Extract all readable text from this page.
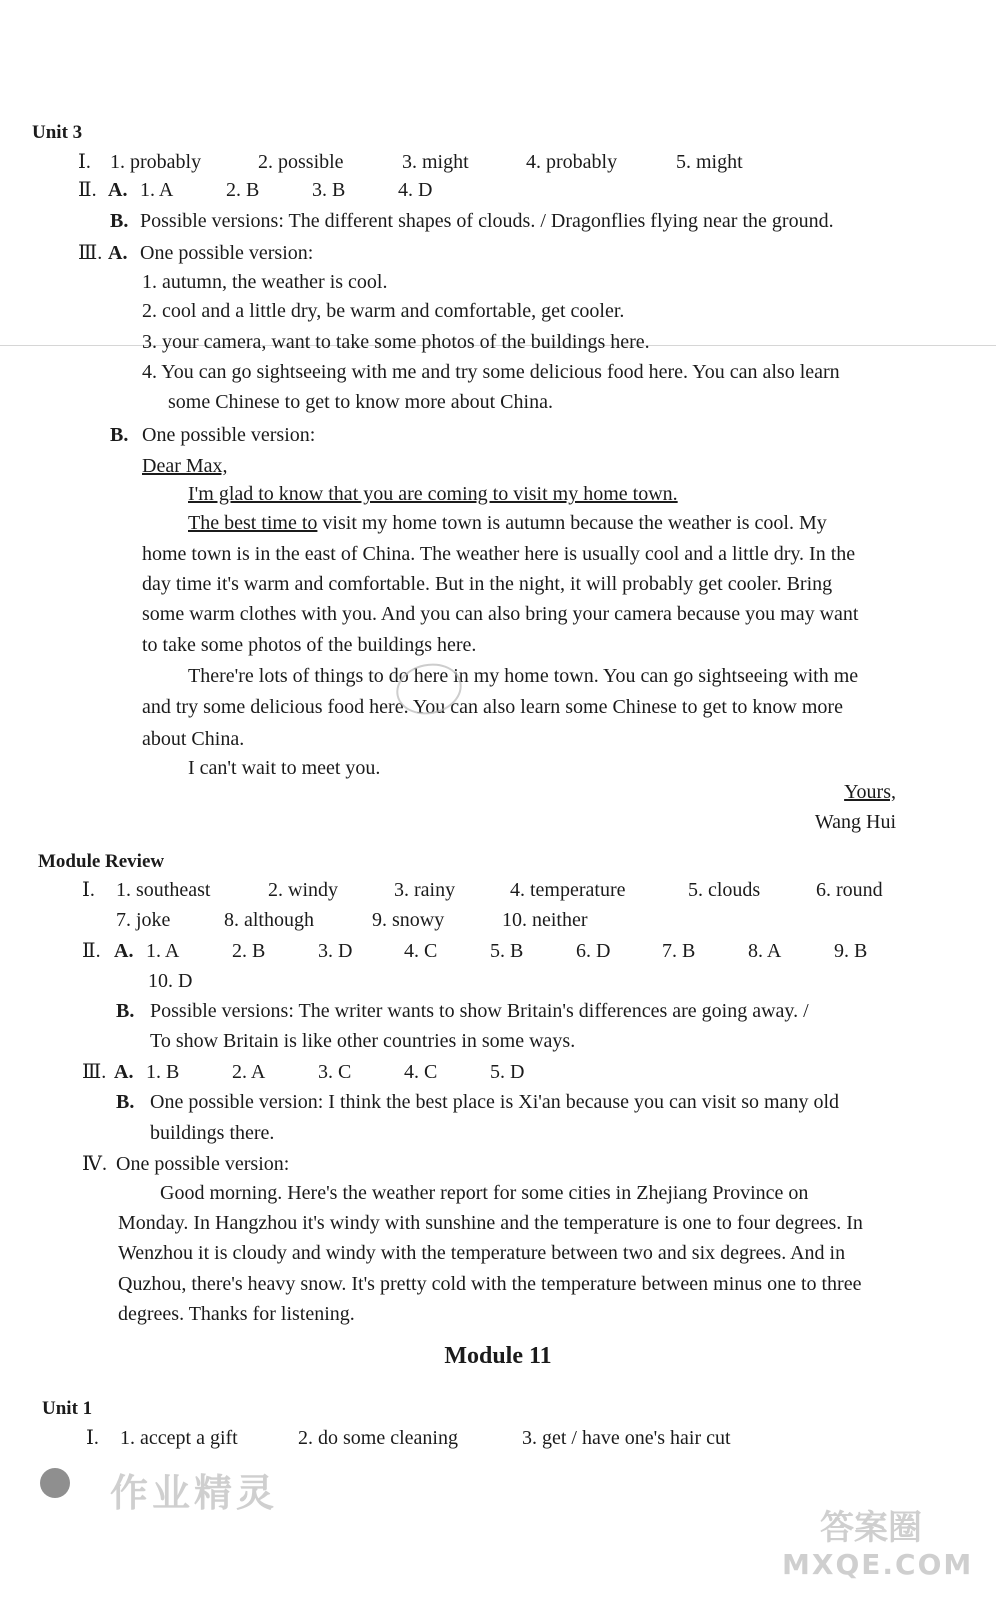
Unit 3
Ⅰ. 1. probably	2. possible	3. might	4. probably	5. might
Ⅱ. A. 1. A	2. B	3. B	4. D
B. Possible versions: The different shapes of clouds. / Dragonflies flying near the ground.
Ⅲ. A. One possible version:
1. autumn, the weather is cool.
2. cool and a little dry, be warm and comfortable, get cooler.
3. your camera, want to take some photos of the buildings here.
4. You can go sightseeing with me and try some delicious food here. You can also learn
some Chinese to get to know more about China.
B. One possible version:
Dear Max,
I'm glad to know that you are coming to visit my home town.
The best time to visit my home town is autumn because the weather is cool. My
home town is in the east of China. The weather here is usually cool and a little dry. In the
day time it's warm and comfortable. But in the night, it will probably get cooler. Bring
some warm clothes with you. And you can also bring your camera because you may want
to take some photos of the buildings here.
There're lots of things to do here in my home town. You can go sightseeing with me
and try some delicious food here. You can also learn some Chinese to get to know more
about China.
I can't wait to meet you.
Yours,
Wang Hui
Module Review
Ⅰ. 1. southeast	2. windy	3. rainy	4. temperature	5. clouds	6. round
7. joke	8. although	9. snowy	10. neither
Ⅱ. A. 1. A	2. B	3. D	4. C	5. B	6. D	7. B	8. A	9. B
10. D
B. Possible versions: The writer wants to show Britain's differences are going away. /
To show Britain is like other countries in some ways.
Ⅲ. A. 1. B	2. A	3. C	4. C	5. D
B. One possible version: I think the best place is Xi'an because you can visit so many old
buildings there.
Ⅳ. One possible version:
Good morning. Here's the weather report for some cities in Zhejiang Province on
Monday. In Hangzhou it's windy with sunshine and the temperature is one to four degrees. In
Wenzhou it is cloudy and windy with the temperature between two and six degrees. And in
Quzhou, there's heavy snow. It's pretty cold with the temperature between minus one to three
degrees. Thanks for listening.
Module 11
Unit 1
Ⅰ. 1. accept a gift	2. do some cleaning	3. get / have one's hair cut
作业精灵
答案圈
MXQE.COM
